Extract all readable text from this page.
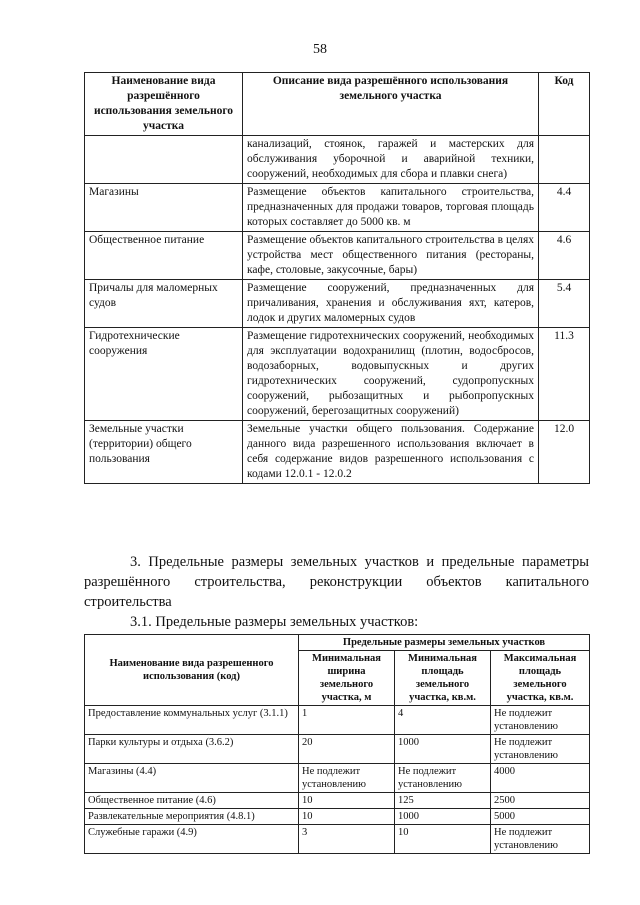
58
Наименование вида разрешённого использования земельного участка	Описание вида разрешённого использования земельного участка	Код
	канализаций, стоянок, гаражей и мастерских для обслуживания уборочной и аварийной техники, сооружений, необходимых для сбора и плавки снега)	
Магазины	Размещение объектов капитального строительства, предназначенных для продажи товаров, торговая площадь которых составляет до 5000 кв. м	4.4
Общественное питание	Размещение объектов капитального строительства в целях устройства мест общественного питания (рестораны, кафе, столовые, закусочные, бары)	4.6
Причалы для маломерных судов	Размещение сооружений, предназначенных для причаливания, хранения и обслуживания яхт, катеров, лодок и других маломерных судов	5.4
Гидротехнические сооружения	Размещение гидротехнических сооружений, необходимых для эксплуатации водохранилищ (плотин, водосбросов, водозаборных, водовыпускных и других гидротехнических сооружений, судопропускных сооружений, рыбозащитных и рыбопропускных сооружений, берегозащитных сооружений)	11.3
Земельные участки (территории) общего пользования	Земельные участки общего пользования. Содержание данного вида разрешенного использования включает в себя содержание видов разрешенного использования с кодами 12.0.1 - 12.0.2	12.0
3. Предельные размеры земельных участков и предельные параметры разрешённого строительства, реконструкции объектов капитального строительства
3.1. Предельные размеры земельных участков:
Наименование вида разрешенного использования (код)	Предельные размеры земельных участков		
	Минимальная ширина земельного участка, м	Минимальная площадь земельного участка, кв.м.	Максимальная площадь земельного участка, кв.м.
Предоставление коммунальных услуг (3.1.1)	1	4	Не подлежит установлению
Парки культуры и отдыха (3.6.2)	20	1000	Не подлежит установлению
Магазины (4.4)	Не подлежит установлению	Не подлежит установлению	4000
Общественное питание (4.6)	10	125	2500
Развлекательные мероприятия (4.8.1)	10	1000	5000
Служебные гаражи (4.9)	3	10	Не подлежит установлению
